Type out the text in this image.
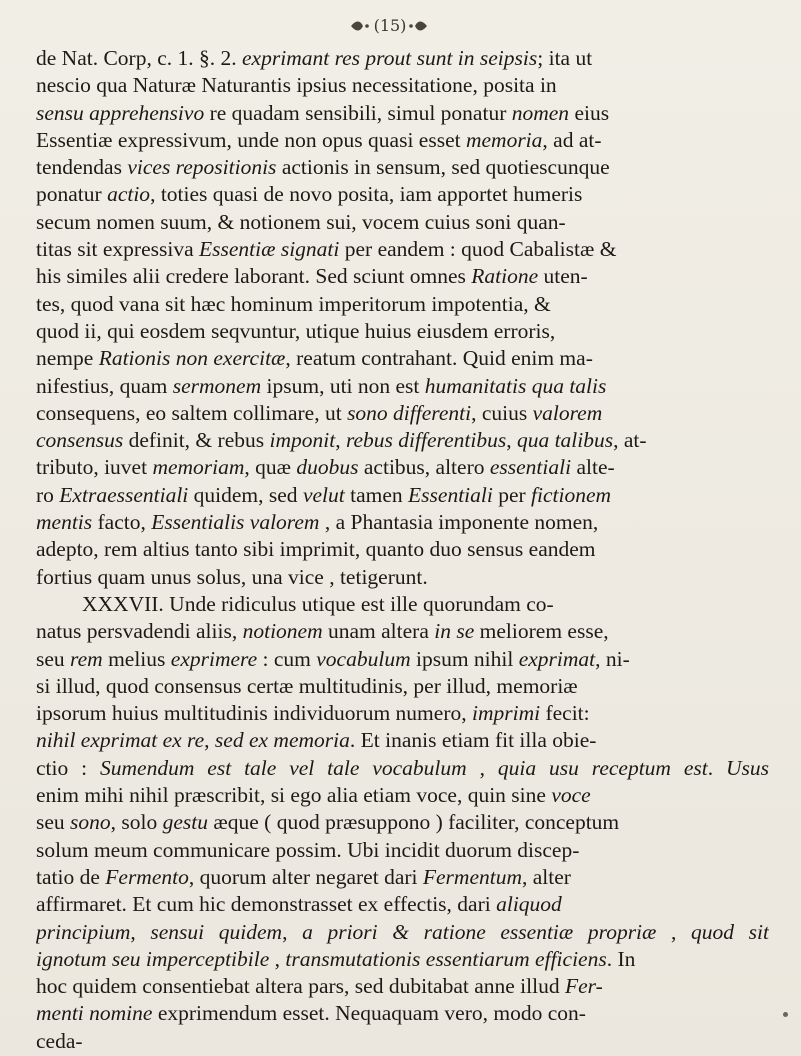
(15)
de Nat. Corp, c. 1. §. 2. exprimant res prout sunt in seipsis; ita ut
nescio qua Naturæ Naturantis ipsius necessitatione, posita in
sensu apprehensivo re quadam sensibili, simul ponatur nomen eius
Essentiæ expressivum, unde non opus quasi esset memoria, ad at-
tendendas vices repositionis actionis in sensum, sed quotiescunque
ponatur actio, toties quasi de novo posita, iam apportet humeris
secum nomen suum, & notionem sui, vocem cuius soni quan-
titas sit expressiva Essentiæ signati per eandem : quod Cabalistæ &
his similes alii credere laborant. Sed sciunt omnes Ratione uten-
tes, quod vana sit hæc hominum imperitorum impotentia, &
quod ii, qui eosdem seqvuntur, utique huius eiusdem erroris,
nempe Rationis non exercitæ, reatum contrahant. Quid enim ma-
nifestius, quam sermonem ipsum, uti non est humanitatis qua talis
consequens, eo saltem collimare, ut sono differenti, cuius valorem
consensus definit, & rebus imponit, rebus differentibus, qua talibus, at-
tributo, iuvet memoriam, quæ duobus actibus, altero essentiali alte-
ro Extraessentiali quidem, sed velut tamen Essentiali per fictionem
mentis facto, Essentialis valorem , a Phantasia imponente nomen,
adepto, rem altius tanto sibi imprimit, quanto duo sensus eandem
fortius quam unus solus, una vice , tetigerunt.
XXXVII. Unde ridiculus utique est ille quorundam co-
natus persvadendi aliis, notionem unam altera in se meliorem esse,
seu rem melius exprimere : cum vocabulum ipsum nihil exprimat, ni-
si illud, quod consensus certæ multitudinis, per illud, memoriæ
ipsorum huius multitudinis individuorum numero, imprimi fecit:
nihil exprimat ex re, sed ex memoria. Et inanis etiam fit illa obie-
ctio : Sumendum est tale vel tale vocabulum , quia usu receptum est. Usus
enim mihi nihil præscribit, si ego alia etiam voce, quin sine voce
seu sono, solo gestu æque ( quod præsuppono ) faciliter, conceptum
solum meum communicare possim. Ubi incidit duorum discep-
tatio de Fermento, quorum alter negaret dari Fermentum, alter
affirmaret. Et cum hic demonstrasset ex effectis, dari aliquod
principium, sensui quidem, a priori & ratione essentiæ propriæ , quod sit
ignotum seu imperceptibile , transmutationis essentiarum efficiens. In
hoc quidem consentiebat altera pars, sed dubitabat anne illud Fer-
menti nomine exprimendum esset. Nequaquam vero, modo con-
ceda-
